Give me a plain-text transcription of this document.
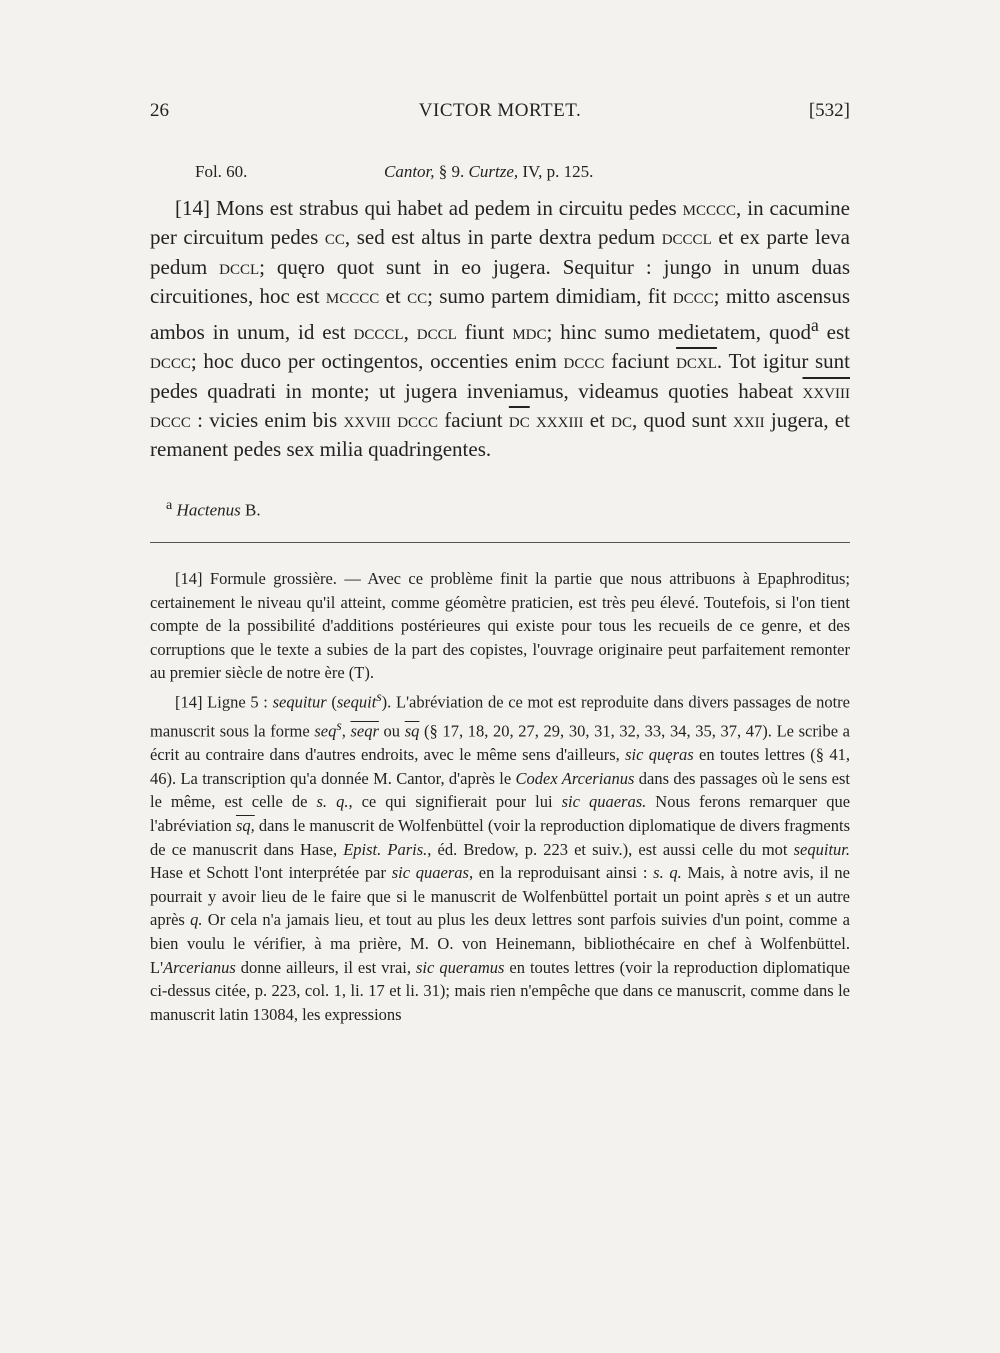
26	VICTOR MORTET.	[532]
Fol. 60.	Cantor, § 9. Curtze, IV, p. 125.

[14] Mons est strabus qui habet ad pedem in circuitu pedes mcccc, in cacumine per circuitum pedes cc, sed est altus in parte dextra pedum dcccl et ex parte leva pedum dccl; quęro quot sunt in eo jugera. Sequitur : jungo in unum duas circuitiones, hoc est mcccc et cc; sumo partem dimidiam, fit dccc; mitto ascensus ambos in unum, id est dcccl, dccl fiunt mdc; hinc sumo medietatem, quod$^a$ est dccc; hoc duco per octingentos, occenties enim dccc faciunt dcxl. Tot igitur sunt pedes quadrati in monte; ut jugera inveniamus, videamus quoties habeat xxviii dccc : vicies enim bis xxviii dccc faciunt $\overline{dc}$ xxxiii et dc, quod sunt xxii jugera, et remanent pedes sex milia quadringentes.

$^a$ Hactenus B.

[14] Formule grossière. — Avec ce problème finit la partie que nous attribuons à Epaphroditus; certainement le niveau qu'il atteint, comme géomètre praticien, est très peu élevé. Toutefois, si l'on tient compte de la possibilité d'additions postérieures qui existe pour tous les recueils de ce genre, et des corruptions que le texte a subies de la part des copistes, l'ouvrage originaire peut parfaitement remonter au premier siècle de notre ère (T).

[14] Ligne 5 : sequitur (sequit$^s$). L'abréviation de ce mot est reproduite dans divers passages de notre manuscrit sous la forme seq$^s$, seqr ou $\overline{sq}$ (§ 17, 18, 20, 27, 29, 30, 31, 32, 33, 34, 35, 37, 47). Le scribe a écrit au contraire dans d'autres endroits, avec le même sens d'ailleurs, sic quęras en toutes lettres (§ 41, 46). La transcription qu'a donnée M. Cantor, d'après le Codex Arcerianus dans des passages où le sens est le même, est celle de s. q., ce qui signifierait pour lui sic quaeras. Nous ferons remarquer que l'abréviation sq, dans le manuscrit de Wolfenbüttel (voir la reproduction diplomatique de divers fragments de ce manuscrit dans Hase, Epist. Paris., éd. Bredow, p. 223 et suiv.), est aussi celle du mot sequitur. Hase et Schott l'ont interprétée par sic quaeras, en la reproduisant ainsi : s. q. Mais, à notre avis, il ne pourrait y avoir lieu de le faire que si le manuscrit de Wolfenbüttel portait un point après s et un autre après q. Or cela n'a jamais lieu, et tout au plus les deux lettres sont parfois suivies d'un point, comme a bien voulu le vérifier, à ma prière, M. O. von Heinemann, bibliothécaire en chef à Wolfenbüttel. L'Arcerianus donne ailleurs, il est vrai, sic queramus en toutes lettres (voir la reproduction diplomatique ci-dessus citée, p. 223, col. 1, li. 17 et li. 31); mais rien n'empêche que dans ce manuscrit, comme dans le manuscrit latin 13084, les expressions
